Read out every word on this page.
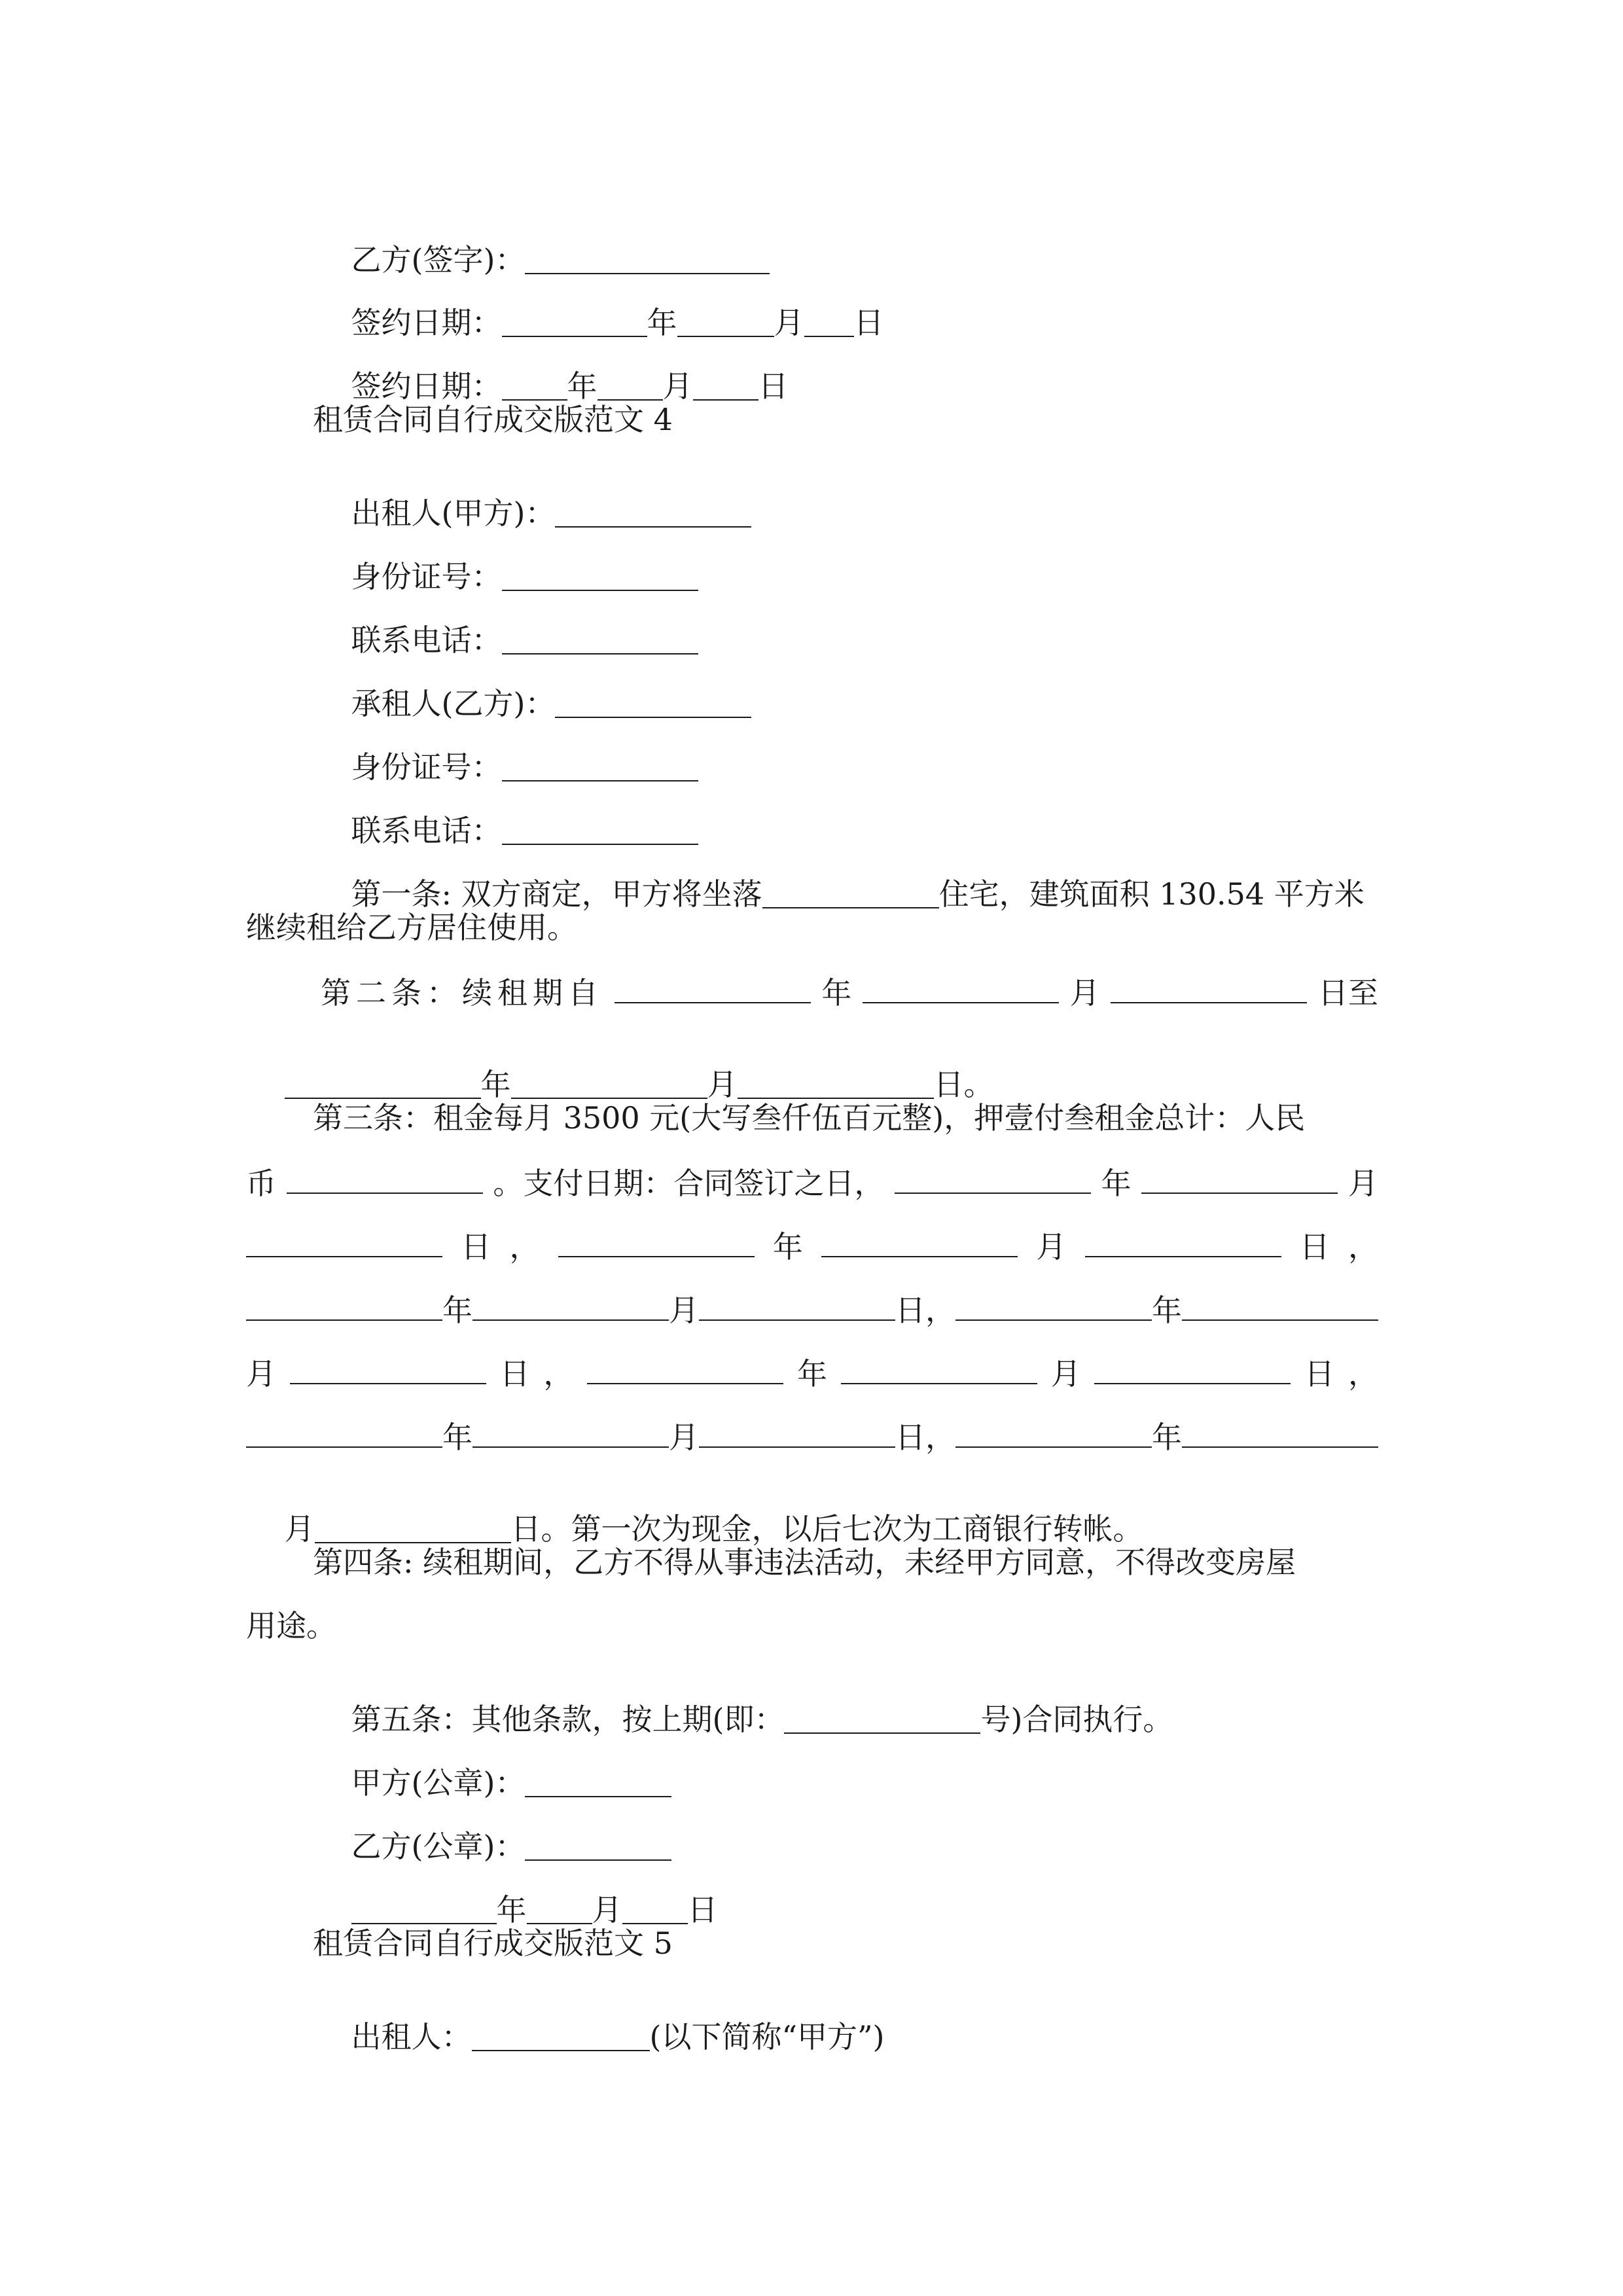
乙方(签字)：

签约日期：	年	月 日

签约日期： 年 月 日

租赁合同自行成交版范文 4

出租人(甲方)：

身份证号：

联系电话：

承租人(乙方)：

身份证号：

联系电话：

第一条: 双方商定，甲方将坐落	住宅，建筑面积 130.54 平方米

继续租给乙方居住使用。
第二条：续租期自	年	月	日至

年	月	日。

第三条：租金每月 3500 元(大写叁仟伍百元整)，押壹付叁租金总计：人民
币	。支付日期：合同签订之日，	年	月
日 ，	年	月	日 ，
年	月	日，	年
月	日 ，	年	月	日 ，
年	月	日，	年

月	日。第一次为现金，以后七次为工商银行转帐。

第四条: 续租期间，乙方不得从事违法活动，未经甲方同意，不得改变房屋
用途。

第五条：其他条款，按上期(即：	号)合同执行。

甲方(公章)：

乙方(公章)：

年 月 日

租赁合同自行成交版范文 5

出租人：	(以下简称“甲方”)
